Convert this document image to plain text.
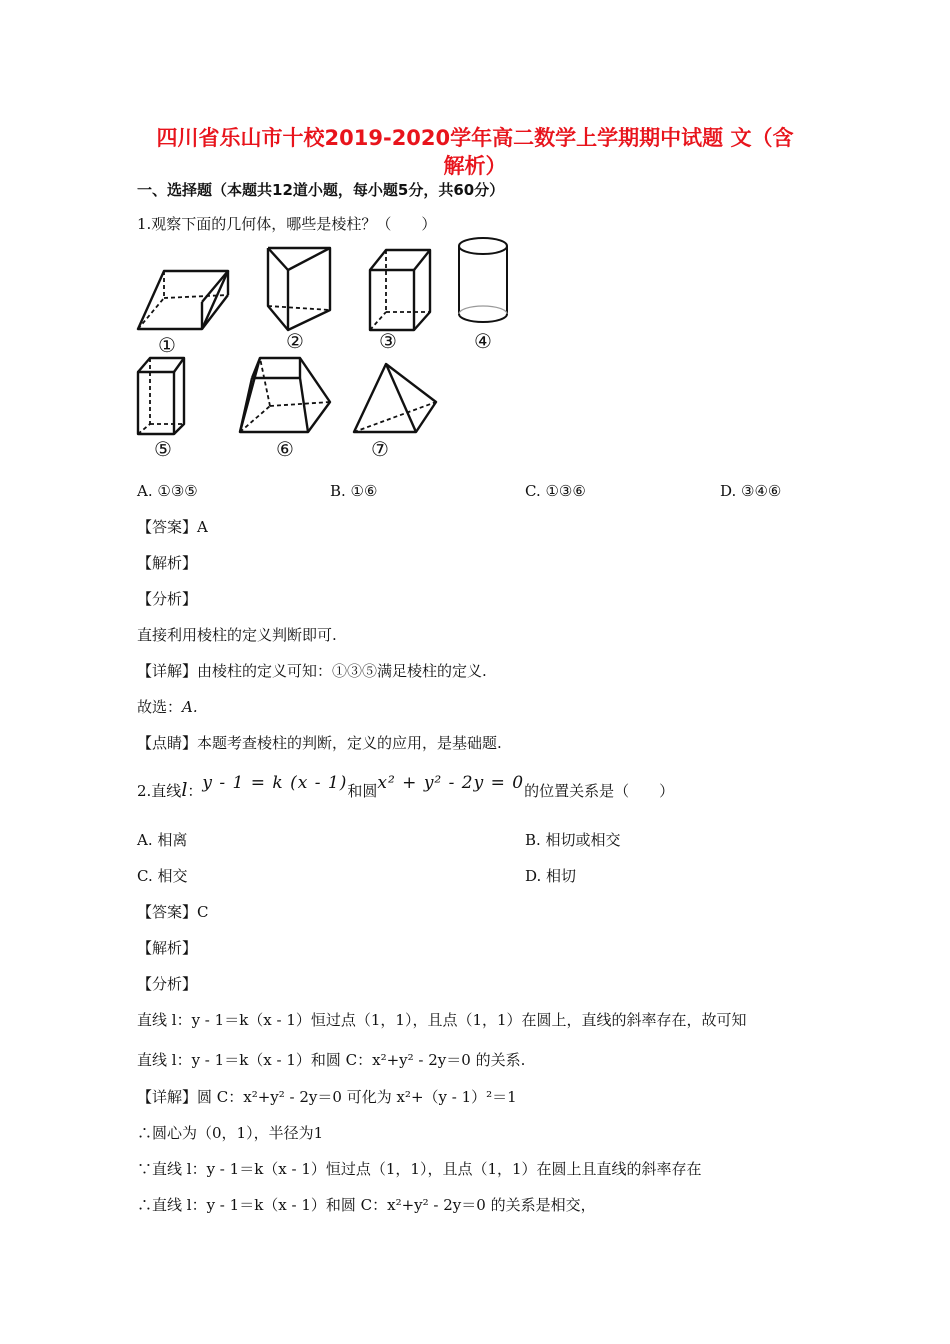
四川省乐山市十校2019-2020学年高二数学上学期期中试题 文（含
解析）
一、选择题（本题共12道小题，每小题5分，共60分）
1.观察下面的几何体，哪些是棱柱？（　　）
①	②	③	④
⑤	⑥	⑦
A. ①③⑤	B. ①⑥	C. ①③⑥	D. ③④⑥
【答案】A
【解析】
【分析】
直接利用棱柱的定义判断即可.
【详解】由棱柱的定义可知：①③⑤满足棱柱的定义.
故选：A.
【点睛】本题考查棱柱的判断，定义的应用，是基础题.
2.直线l：y - 1 = k (x - 1)和圆x² + y² - 2y = 0的位置关系是（　　）
A. 相离	B. 相切或相交
C. 相交	D. 相切
【答案】C
【解析】
【分析】
直线 l：y - 1＝k（x - 1）恒过点（1，1），且点（1，1）在圆上，直线的斜率存在，故可知
直线 l：y - 1＝k（x - 1）和圆 C：x²+y² - 2y＝0 的关系.
【详解】圆 C：x²+y² - 2y＝0 可化为 x²+（y - 1）²＝1
∴圆心为（0，1），半径为1
∵直线 l：y - 1＝k（x - 1）恒过点（1，1），且点（1，1）在圆上且直线的斜率存在
∴直线 l：y - 1＝k（x - 1）和圆 C：x²+y² - 2y＝0 的关系是相交，
